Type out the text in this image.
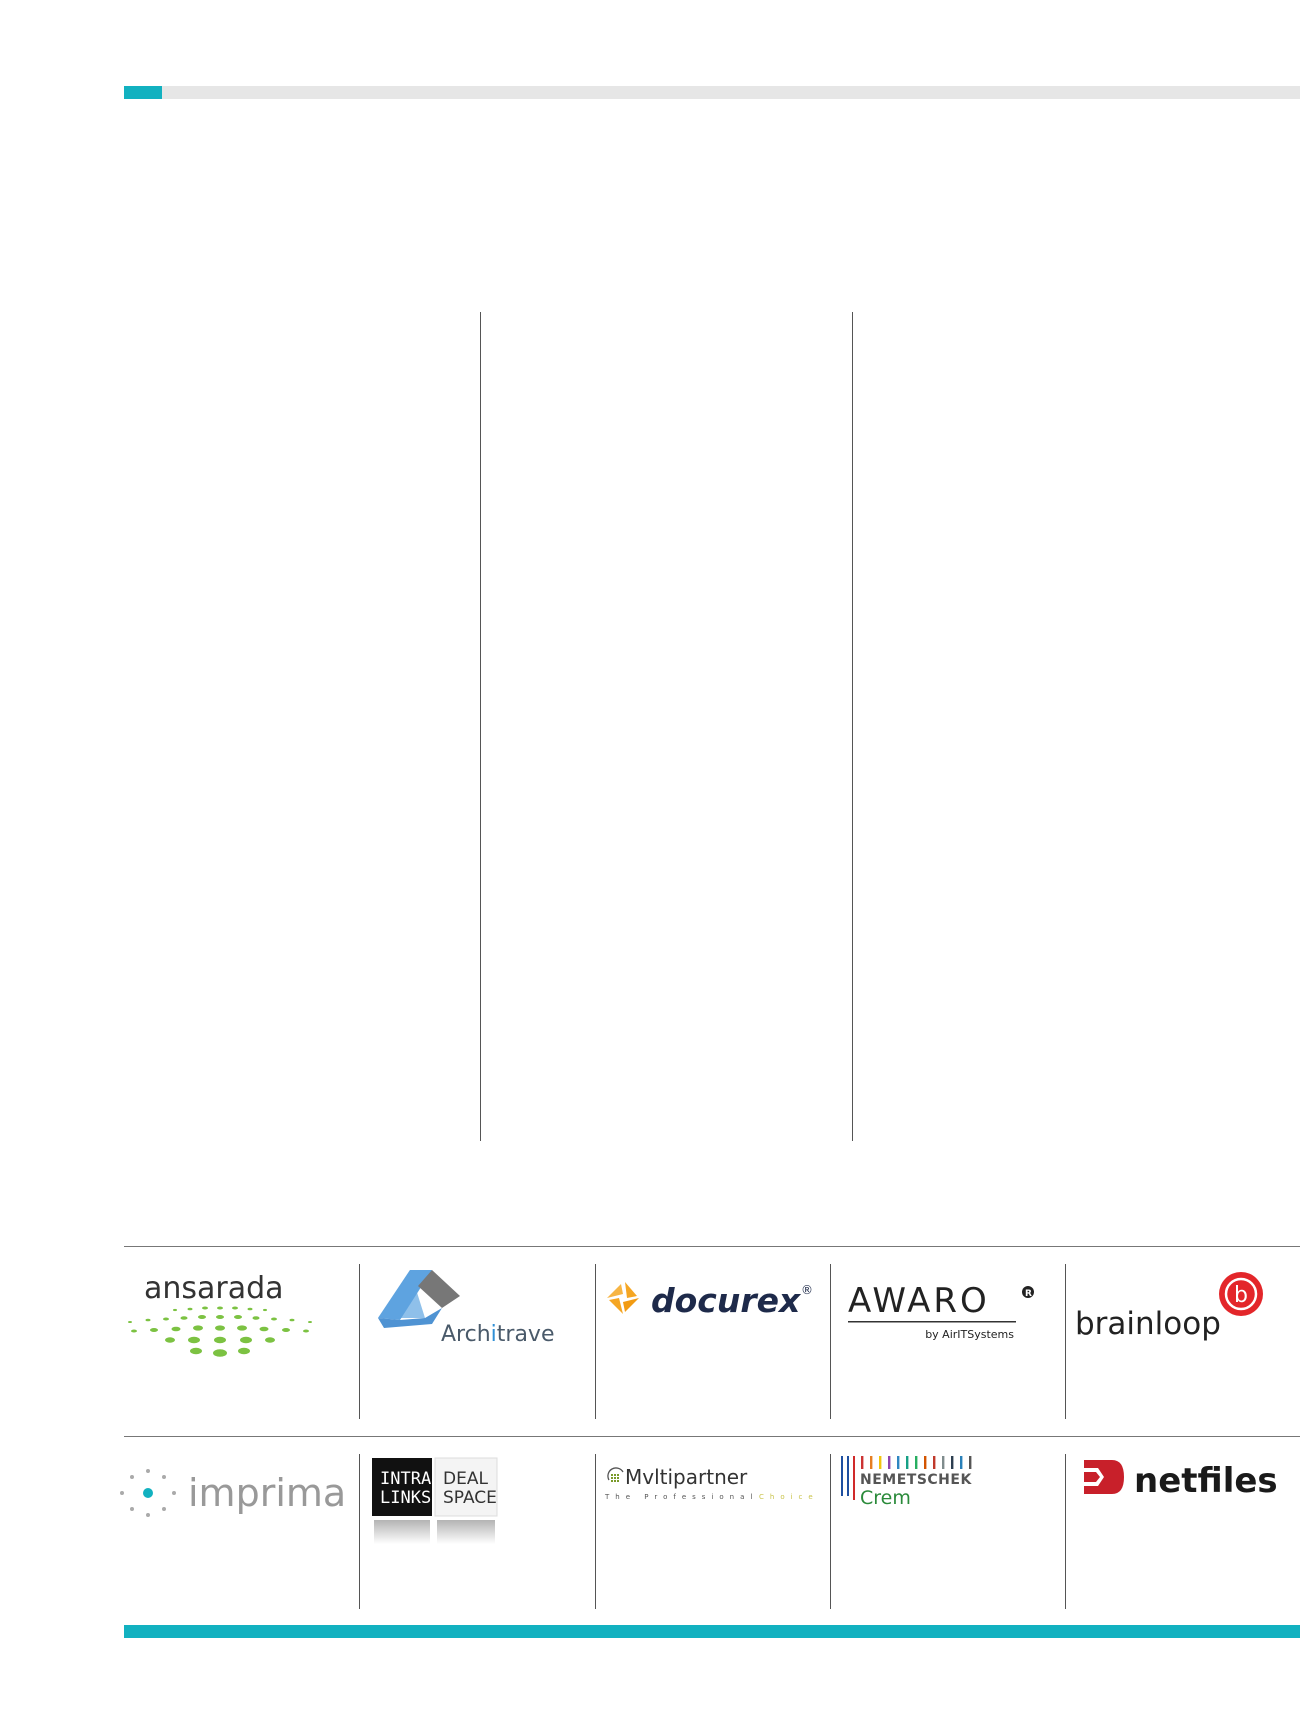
ansarada
Architrave
docurex ® AWARO	R
by AirITSystems
b
brainloop
imprima INTRA
LINKS
DEAL
SPACE
Mvltipartner
The Professional Choice
NEMETSCHEK
Crem	netfiles
